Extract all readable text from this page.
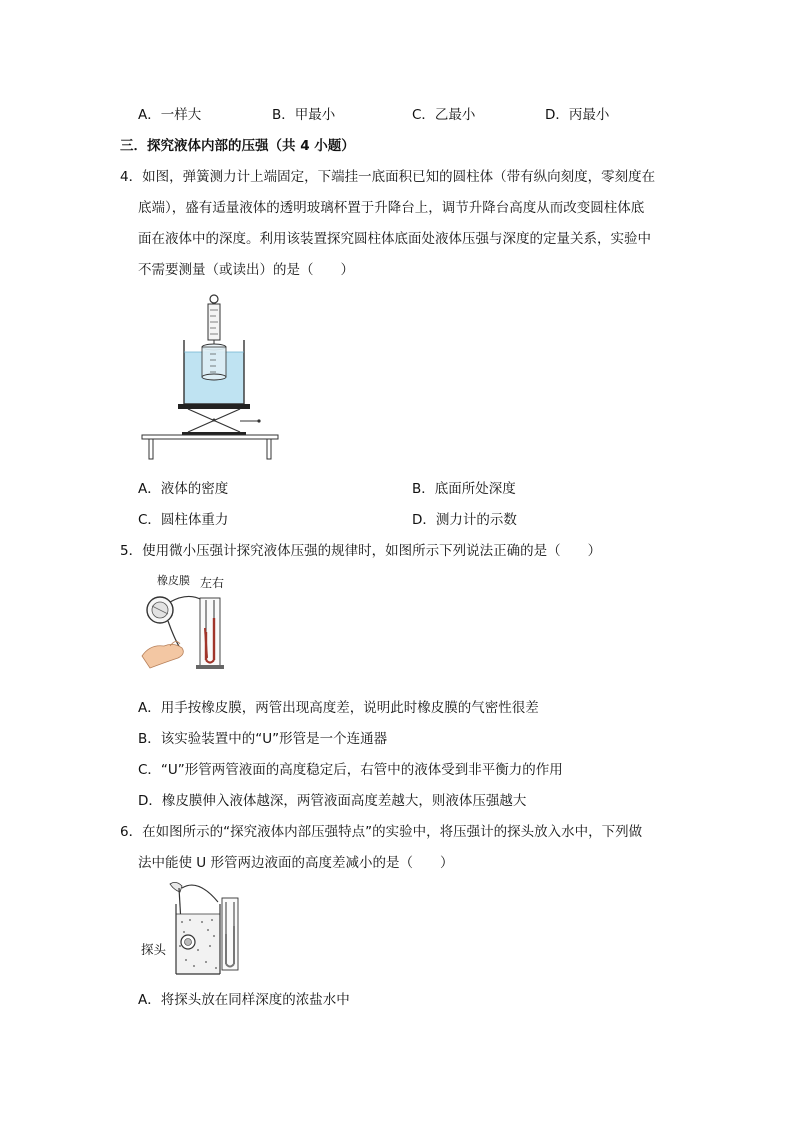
A．一样大	B．甲最小	C．乙最小	D．丙最小
三．探究液体内部的压强（共 4 小题）
4．如图，弹簧测力计上端固定，下端挂一底面积已知的圆柱体（带有纵向刻度，零刻度在
底端），盛有适量液体的透明玻璃杯置于升降台上，调节升降台高度从而改变圆柱体底
面在液体中的深度。利用该装置探究圆柱体底面处液体压强与深度的定量关系，实验中
不需要测量（或读出）的是（　　）
A．液体的密度	B．底面所处深度
C．圆柱体重力	D．测力计的示数
5．使用微小压强计探究液体压强的规律时，如图所示下列说法正确的是（　　）
橡皮膜 左右
A．用手按橡皮膜，两管出现高度差，说明此时橡皮膜的气密性很差
B．该实验装置中的“U”形管是一个连通器
C．“U”形管两管液面的高度稳定后，右管中的液体受到非平衡力的作用
D．橡皮膜伸入液体越深，两管液面高度差越大，则液体压强越大
6．在如图所示的“探究液体内部压强特点”的实验中，将压强计的探头放入水中，下列做
法中能使 U 形管两边液面的高度差减小的是（　　）
探头
A．将探头放在同样深度的浓盐水中
